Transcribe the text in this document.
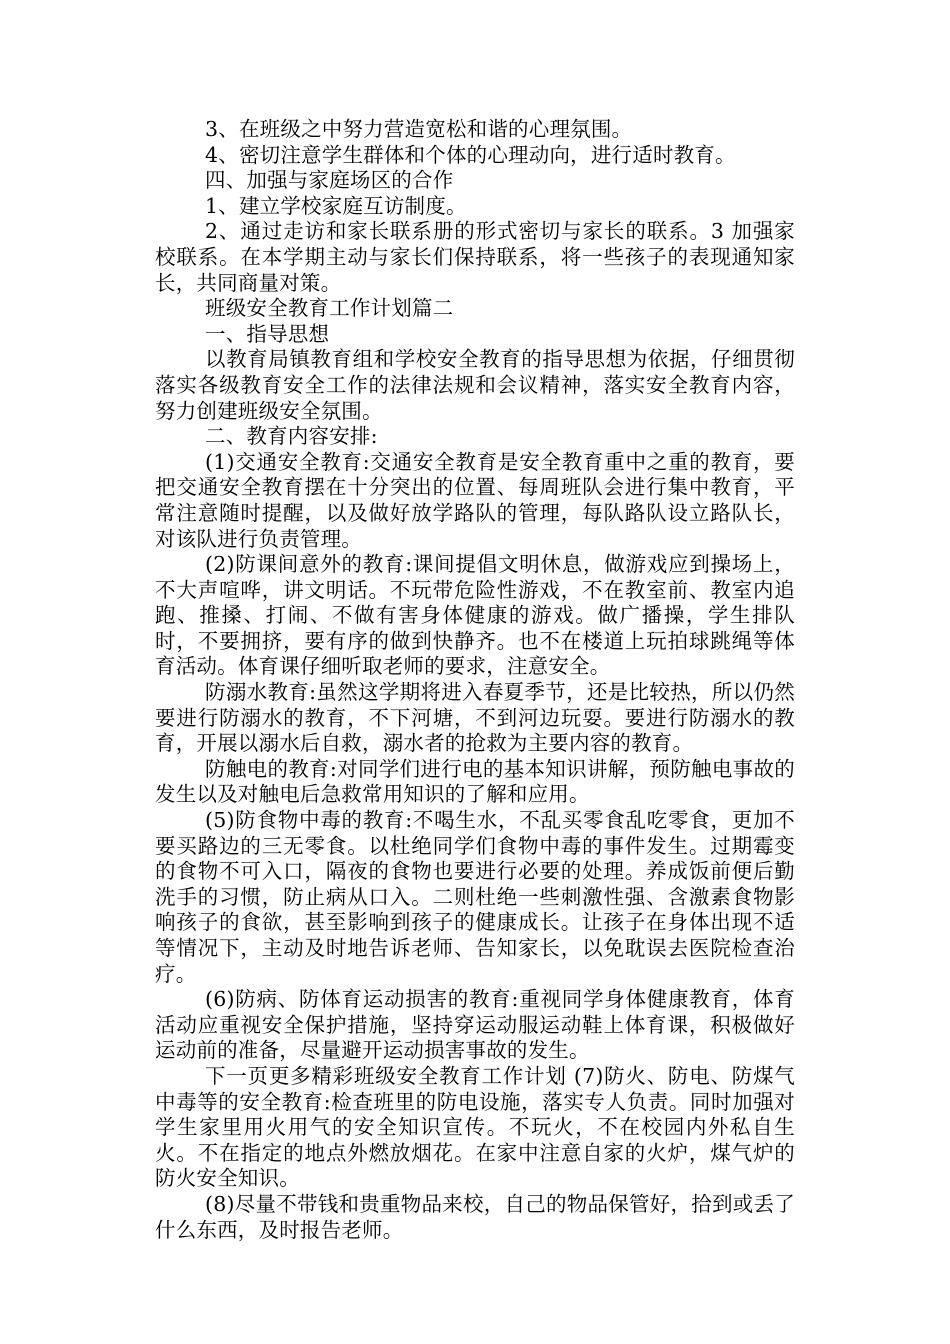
3、在班级之中努力营造宽松和谐的心理氛围。

4、密切注意学生群体和个体的心理动向，进行适时教育。

四、加强与家庭场区的合作

1、建立学校家庭互访制度。

2、通过走访和家长联系册的形式密切与家长的联系。3 加强家校联系。在本学期主动与家长们保持联系，将一些孩子的表现通知家长，共同商量对策。

班级安全教育工作计划篇二

一、指导思想

以教育局镇教育组和学校安全教育的指导思想为依据，仔细贯彻落实各级教育安全工作的法律法规和会议精神，落实安全教育内容，努力创建班级安全氛围。

二、教育内容安排:

(1)交通安全教育:交通安全教育是安全教育重中之重的教育，要把交通安全教育摆在十分突出的位置、每周班队会进行集中教育，平常注意随时提醒，以及做好放学路队的管理，每队路队设立路队长，对该队进行负责管理。

(2)防课间意外的教育:课间提倡文明休息，做游戏应到操场上，不大声喧哗，讲文明话。不玩带危险性游戏，不在教室前、教室内追跑、推搡、打闹、不做有害身体健康的游戏。做广播操，学生排队时，不要拥挤，要有序的做到快静齐。也不在楼道上玩拍球跳绳等体育活动。体育课仔细听取老师的要求，注意安全。

防溺水教育:虽然这学期将进入春夏季节，还是比较热，所以仍然要进行防溺水的教育，不下河塘，不到河边玩耍。要进行防溺水的教育，开展以溺水后自救，溺水者的抢救为主要内容的教育。

防触电的教育:对同学们进行电的基本知识讲解，预防触电事故的发生以及对触电后急救常用知识的了解和应用。

(5)防食物中毒的教育:不喝生水，不乱买零食乱吃零食，更加不要买路边的三无零食。以杜绝同学们食物中毒的事件发生。过期霉变的食物不可入口，隔夜的食物也要进行必要的处理。养成饭前便后勤洗手的习惯，防止病从口入。二则杜绝一些刺激性强、含激素食物影响孩子的食欲，甚至影响到孩子的健康成长。让孩子在身体出现不适等情况下，主动及时地告诉老师、告知家长，以免耽误去医院检查治疗。

(6)防病、防体育运动损害的教育:重视同学身体健康教育，体育活动应重视安全保护措施，坚持穿运动服运动鞋上体育课，积极做好运动前的准备，尽量避开运动损害事故的发生。

下一页更多精彩班级安全教育工作计划 (7)防火、防电、防煤气中毒等的安全教育:检查班里的防电设施，落实专人负责。同时加强对学生家里用火用气的安全知识宣传。不玩火，不在校园内外私自生火。不在指定的地点外燃放烟花。在家中注意自家的火炉，煤气炉的防火安全知识。

(8)尽量不带钱和贵重物品来校，自己的物品保管好，拾到或丢了什么东西，及时报告老师。
